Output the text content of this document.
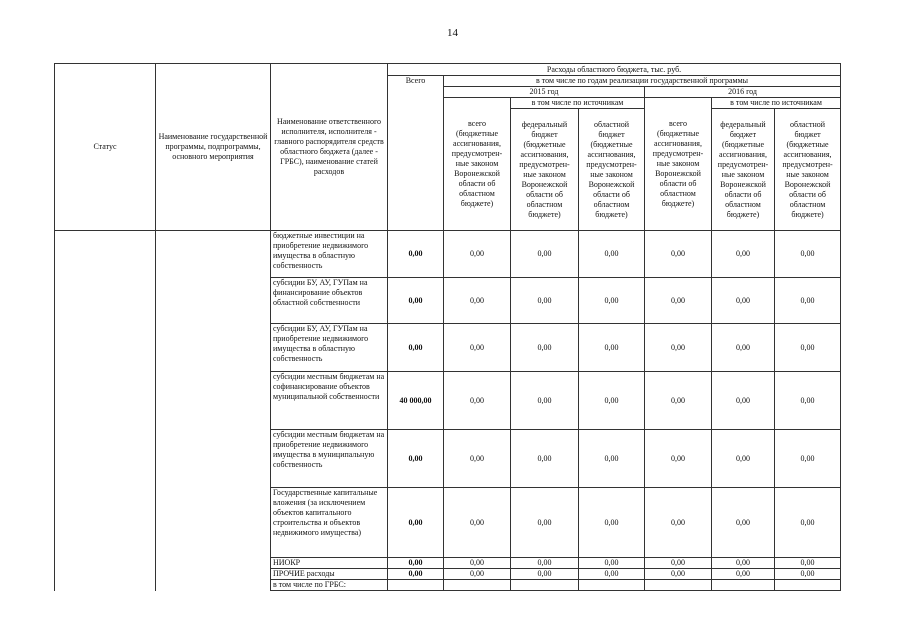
14
Статус	Наименование государственной программы, подпрограммы, основного мероприятия	Наименование ответственного исполнителя, исполнителя - главного распорядителя средств областного бюджета (далее - ГРБС), наименование статей расходов	Расходы областного бюджета, тыс. руб.						
			Всего	в том числе по годам реализации государственной программы					
				2015 год			2016 год		
				всего (бюджетные ассигнования, предусмотрен-ные законом Воронежской области об областном бюджете)	в том числе по источникам		всего (бюджетные ассигнования, предусмотрен-ные законом Воронежской области об областном бюджете)	в том числе по источникам	
					федеральный бюджет (бюджетные ассигнования, предусмотрен-ные законом Воронежской области об областном бюджете)	областной бюджет (бюджетные ассигнования, предусмотрен-ные законом Воронежской области об областном бюджете)		федеральный бюджет (бюджетные ассигнования, предусмотрен-ные законом Воронежской области об областном бюджете)	областной бюджет (бюджетные ассигнования, предусмотрен-ные законом Воронежской области об областном бюджете)
		бюджетные инвестиции на приобретение недвижимого имущества в областную собственность	0,00	0,00	0,00	0,00	0,00	0,00	0,00
		субсидии БУ, АУ, ГУПам на финансирование объектов областной собственности	0,00	0,00	0,00	0,00	0,00	0,00	0,00
		субсидии БУ, АУ, ГУПам на приобретение недвижимого имущества в областную собственность	0,00	0,00	0,00	0,00	0,00	0,00	0,00
		субсидии местным бюджетам на софинансирование объектов муниципальной собственности	40 000,00	0,00	0,00	0,00	0,00	0,00	0,00
		субсидии местным бюджетам на приобретение недвижимого имущества в муниципальную собственность	0,00	0,00	0,00	0,00	0,00	0,00	0,00
		Государственные капитальные вложения (за исключением объектов капитального строительства и объектов недвижимого имущества)	0,00	0,00	0,00	0,00	0,00	0,00	0,00
		НИОКР	0,00	0,00	0,00	0,00	0,00	0,00	0,00
		ПРОЧИЕ расходы	0,00	0,00	0,00	0,00	0,00	0,00	0,00
		в том числе по ГРБС:							
